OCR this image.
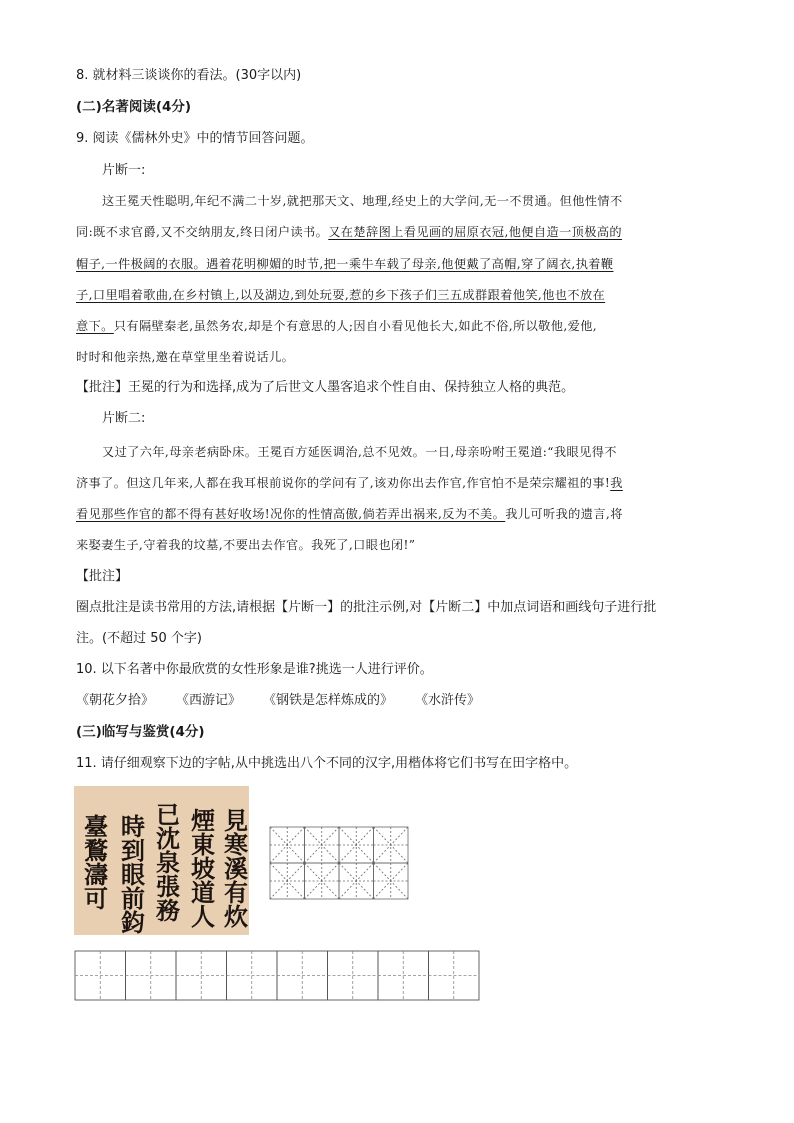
8. 就材料三谈谈你的看法。(30字以内)
(二)名著阅读(4分)
9. 阅读《儒林外史》中的情节回答问题。
片断一:
这王冕天性聪明,年纪不满二十岁,就把那天文、地理,经史上的大学问,无一不贯通。但他性情不
同:既不求官爵,又不交纳朋友,终日闭户读书。又在楚辞图上看见画的屈原衣冠,他便自造一顶极高的
帽子,一件极阔的衣服。遇着花明柳媚的时节,把一乘牛车载了母亲,他便戴了高帽,穿了阔衣,执着鞭
子,口里唱着歌曲,在乡村镇上,以及湖边,到处玩耍,惹的乡下孩子们三五成群跟着他笑,他也不放在
意下。只有隔壁秦老,虽然务农,却是个有意思的人;因自小看见他长大,如此不俗,所以敬他,爱他,
时时和他亲热,邀在草堂里坐着说话儿。
【批注】王冕的行为和选择,成为了后世文人墨客追求个性自由、保持独立人格的典范。
片断二:
又过了六年,母亲老病卧床。王冕百方延医调治,总不见效。一日,母亲吩咐王冕道:“我眼见得不
济事了。但这几年来,人都在我耳根前说你的学问有了,该劝你出去作官,作官怕不是荣宗耀祖的事!我
看见那些作官的都不得有甚好收场!况你的性情高傲,倘若弄出祸来,反为不美。我儿可听我的遗言,将
来娶妻生子,守着我的坟墓,不要出去作官。我死了,口眼也闭!”
【批注】
圈点批注是读书常用的方法,请根据【片断一】的批注示例,对【片断二】中加点词语和画线句子进行批
注。(不超过 50 个字)
10. 以下名著中你最欣赏的女性形象是谁?挑选一人进行评价。
《朝花夕拾》 《西游记》 《钢铁是怎样炼成的》 《水浒传》
(三)临写与鉴赏(4分)
11. 请仔细观察下边的字帖,从中挑选出八个不同的汉字,用楷体将它们书写在田字格中。
見寒溪有炊
煙東坡道人
已沈泉張務
時到眼前鈞
臺鶩濤可
